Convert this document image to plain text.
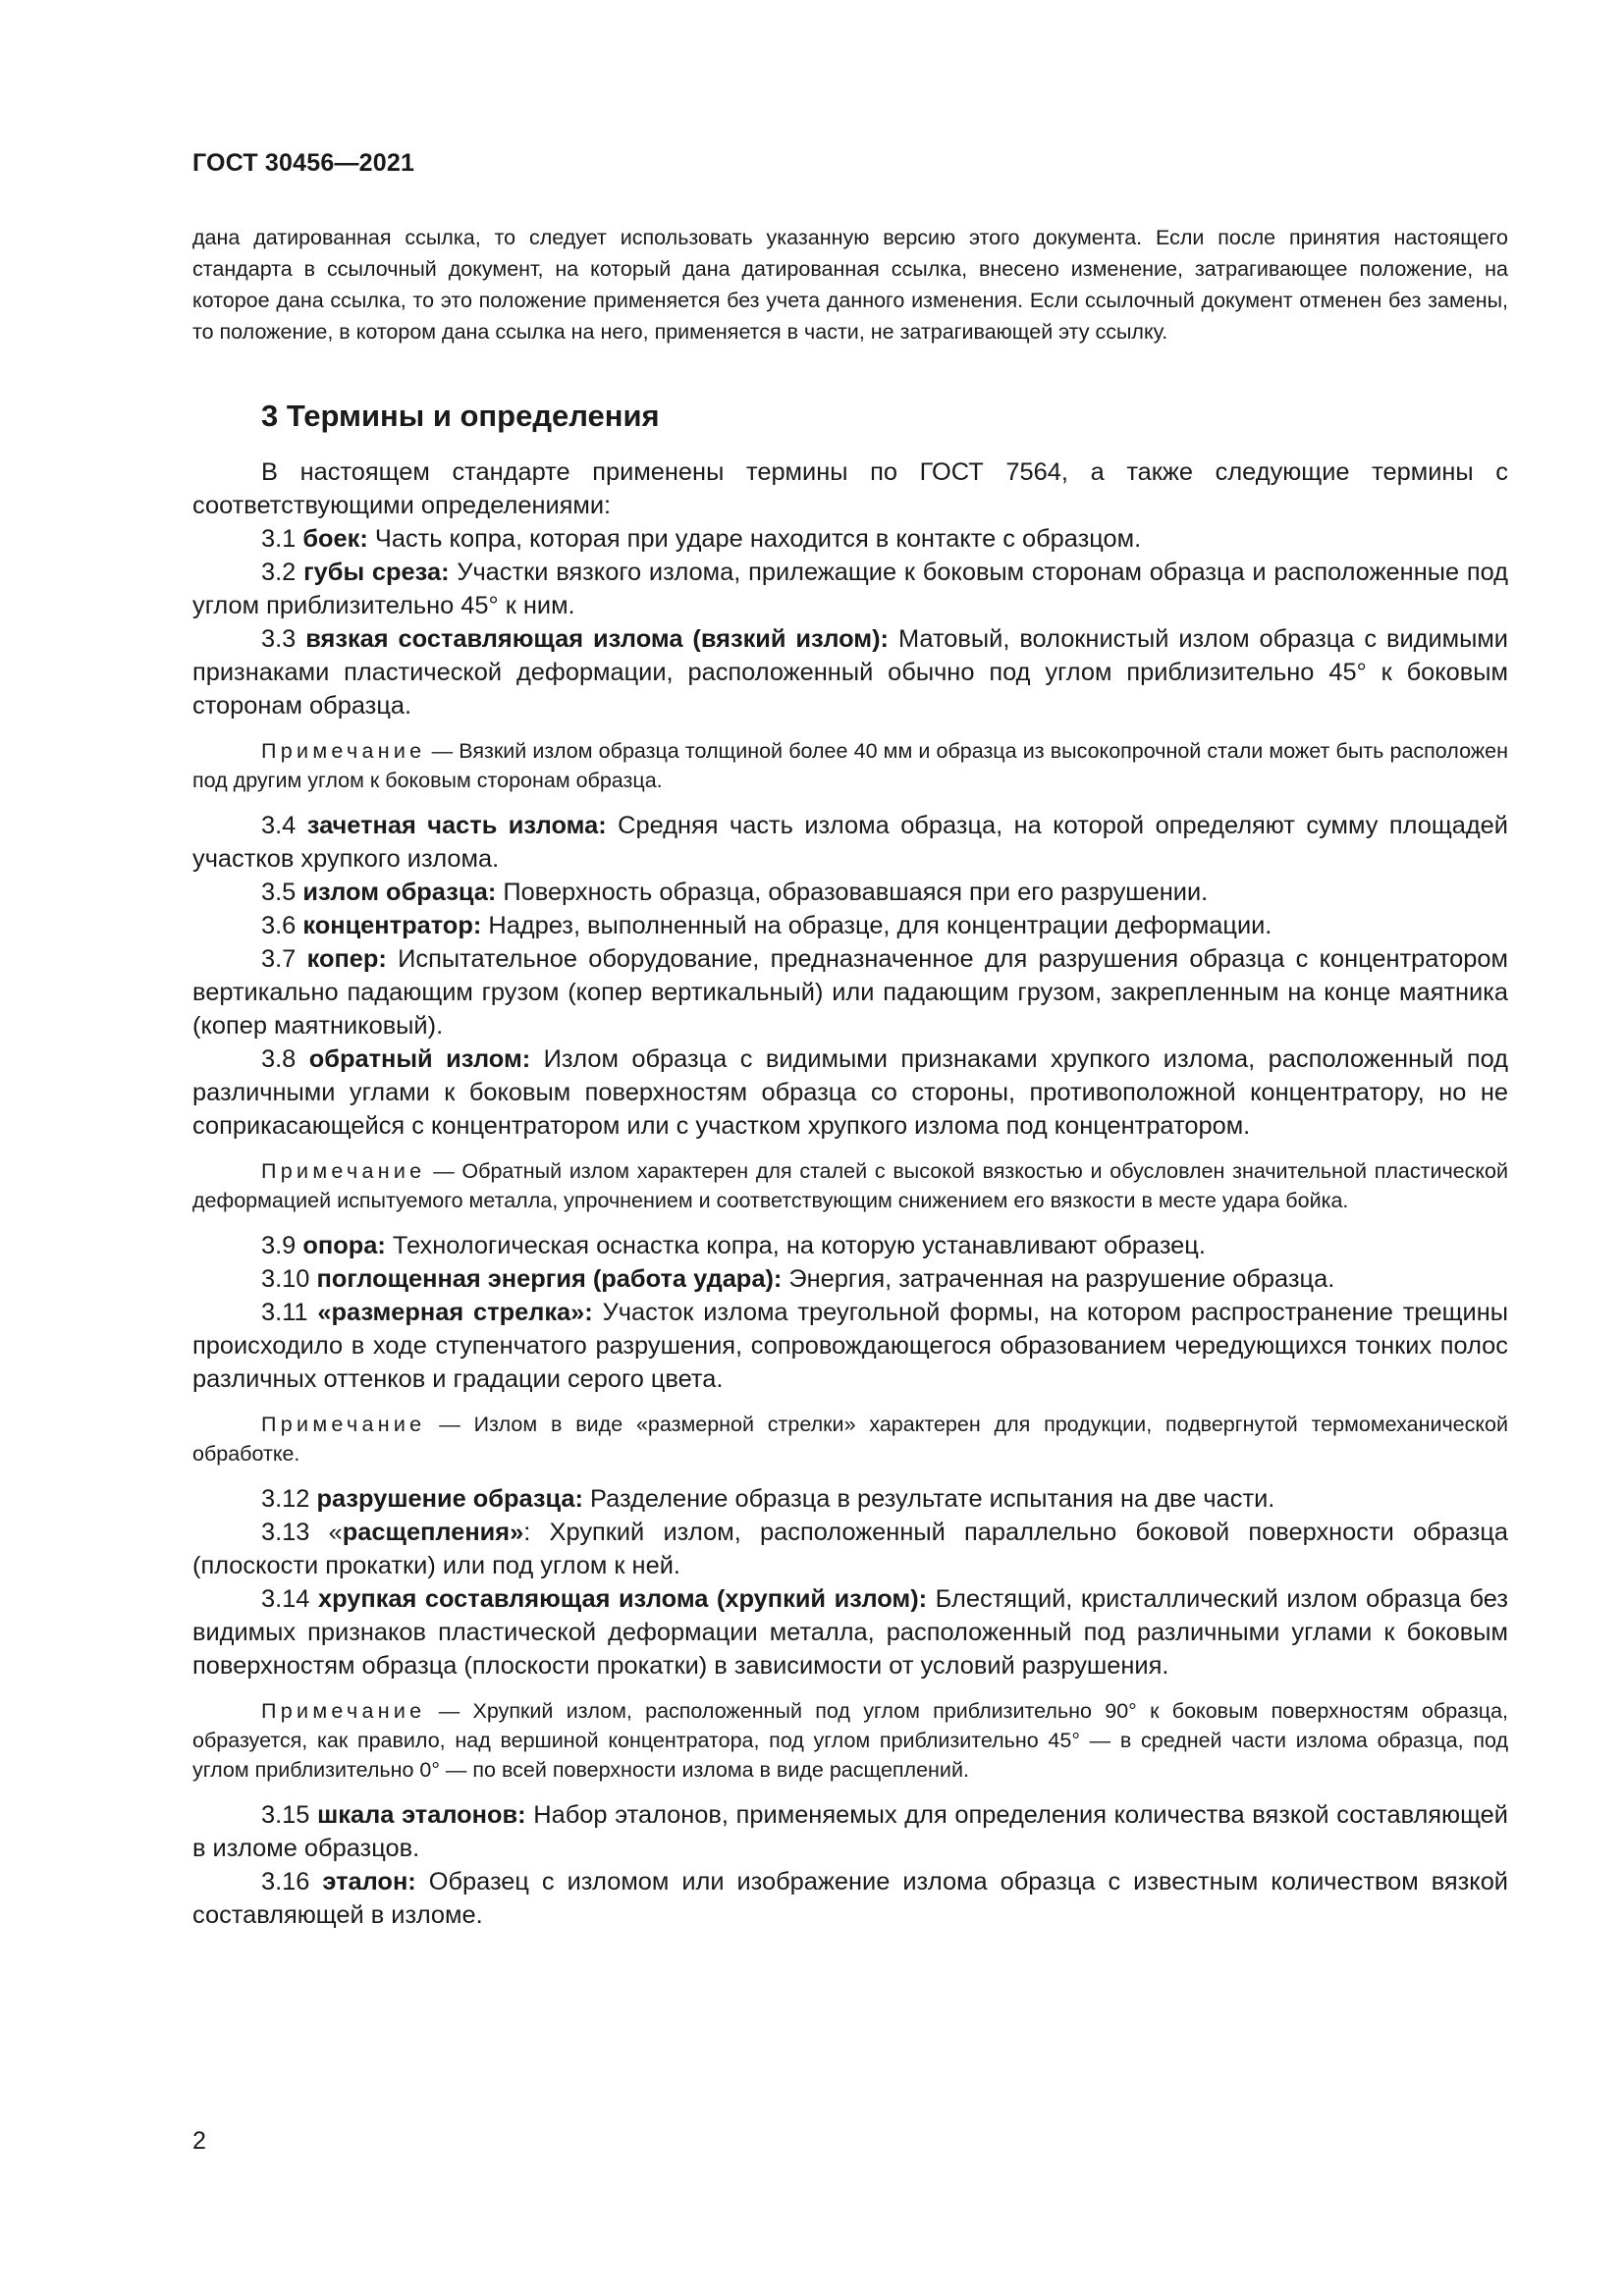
ГОСТ 30456—2021

дана датированная ссылка, то следует использовать указанную версию этого документа. Если после принятия настоящего стандарта в ссылочный документ, на который дана датированная ссылка, внесено изменение, затрагивающее положение, на которое дана ссылка, то это положение применяется без учета данного изменения. Если ссылочный документ отменен без замены, то положение, в котором дана ссылка на него, применяется в части, не затрагивающей эту ссылку.

3 Термины и определения

В настоящем стандарте применены термины по ГОСТ 7564, а также следующие термины с соответствующими определениями:

3.1 боек: Часть копра, которая при ударе находится в контакте с образцом.

3.2 губы среза: Участки вязкого излома, прилежащие к боковым сторонам образца и расположенные под углом приблизительно 45° к ним.

3.3 вязкая составляющая излома (вязкий излом): Матовый, волокнистый излом образца с видимыми признаками пластической деформации, расположенный обычно под углом приблизительно 45° к боковым сторонам образца.

Примечание — Вязкий излом образца толщиной более 40 мм и образца из высокопрочной стали может быть расположен под другим углом к боковым сторонам образца.

3.4 зачетная часть излома: Средняя часть излома образца, на которой определяют сумму площадей участков хрупкого излома.

3.5 излом образца: Поверхность образца, образовавшаяся при его разрушении.

3.6 концентратор: Надрез, выполненный на образце, для концентрации деформации.

3.7 копер: Испытательное оборудование, предназначенное для разрушения образца с концентратором вертикально падающим грузом (копер вертикальный) или падающим грузом, закрепленным на конце маятника (копер маятниковый).

3.8 обратный излом: Излом образца с видимыми признаками хрупкого излома, расположенный под различными углами к боковым поверхностям образца со стороны, противоположной концентратору, но не соприкасающейся с концентратором или с участком хрупкого излома под концентратором.

Примечание — Обратный излом характерен для сталей с высокой вязкостью и обусловлен значительной пластической деформацией испытуемого металла, упрочнением и соответствующим снижением его вязкости в месте удара бойка.

3.9 опора: Технологическая оснастка копра, на которую устанавливают образец.

3.10 поглощенная энергия (работа удара): Энергия, затраченная на разрушение образца.

3.11 «размерная стрелка»: Участок излома треугольной формы, на котором распространение трещины происходило в ходе ступенчатого разрушения, сопровождающегося образованием чередующихся тонких полос различных оттенков и градации серого цвета.

Примечание — Излом в виде «размерной стрелки» характерен для продукции, подвергнутой термомеханической обработке.

3.12 разрушение образца: Разделение образца в результате испытания на две части.

3.13 «расщепления»: Хрупкий излом, расположенный параллельно боковой поверхности образца (плоскости прокатки) или под углом к ней.

3.14 хрупкая составляющая излома (хрупкий излом): Блестящий, кристаллический излом образца без видимых признаков пластической деформации металла, расположенный под различными углами к боковым поверхностям образца (плоскости прокатки) в зависимости от условий разрушения.

Примечание — Хрупкий излом, расположенный под углом приблизительно 90° к боковым поверхностям образца, образуется, как правило, над вершиной концентратора, под углом приблизительно 45° — в средней части излома образца, под углом приблизительно 0° — по всей поверхности излома в виде расщеплений.

3.15 шкала эталонов: Набор эталонов, применяемых для определения количества вязкой составляющей в изломе образцов.

3.16 эталон: Образец с изломом или изображение излома образца с известным количеством вязкой составляющей в изломе.

2
